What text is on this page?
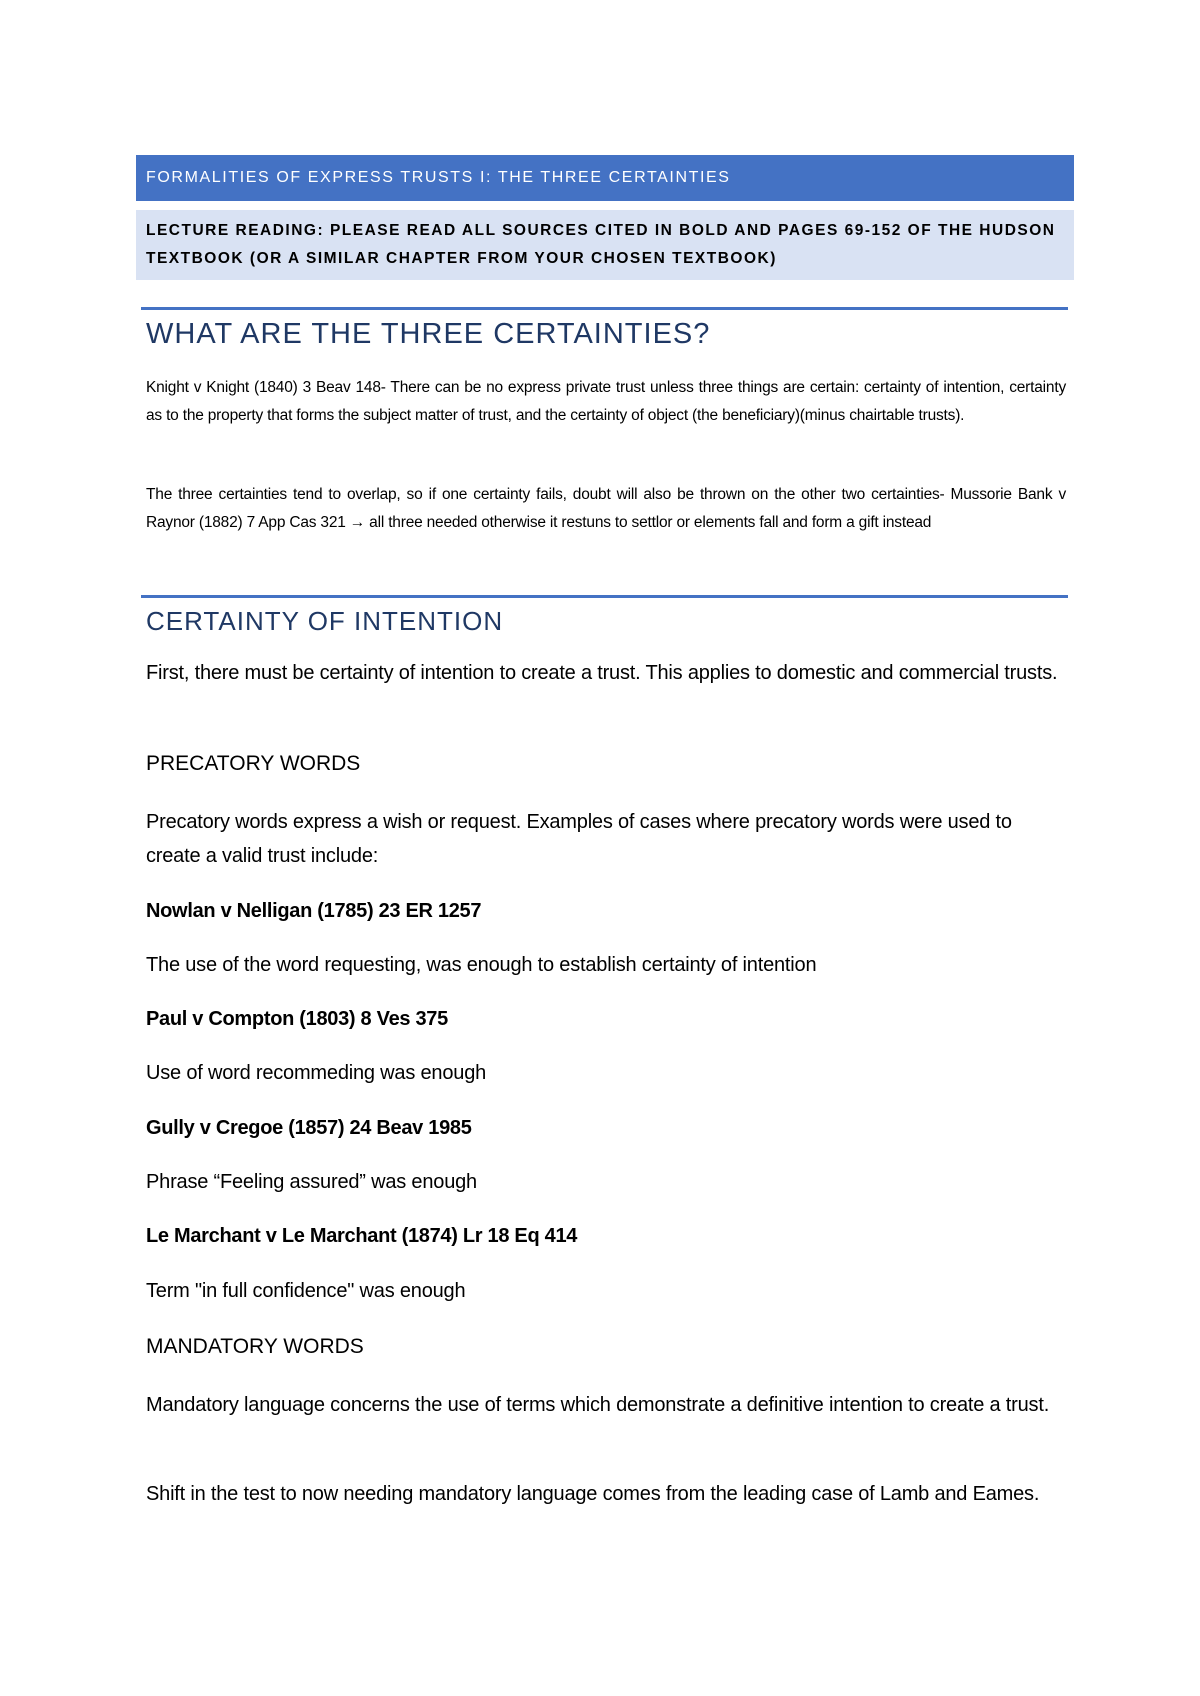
FORMALITIES OF EXPRESS TRUSTS I: THE THREE CERTAINTIES
LECTURE READING: PLEASE READ ALL SOURCES CITED IN BOLD AND PAGES 69-152 OF THE HUDSON TEXTBOOK (OR A SIMILAR CHAPTER FROM YOUR CHOSEN TEXTBOOK)
WHAT ARE THE THREE CERTAINTIES?

Knight v Knight (1840) 3 Beav 148- There can be no express private trust unless three things are certain: certainty of intention, certainty as to the property that forms the subject matter of trust, and the certainty of object (the beneficiary)(minus chairtable trusts).

The three certainties tend to overlap, so if one certainty fails, doubt will also be thrown on the other two certainties- Mussorie Bank v Raynor (1882) 7 App Cas 321 → all three needed otherwise it restuns to settlor or elements fall and form a gift instead

CERTAINTY OF INTENTION

First, there must be certainty of intention to create a trust. This applies to domestic and commercial trusts.

PRECATORY WORDS

Precatory words express a wish or request. Examples of cases where precatory words were used to create a valid trust include:

Nowlan v Nelligan (1785) 23 ER 1257
The use of the word requesting, was enough to establish certainty of intention
Paul v Compton (1803) 8 Ves 375
Use of word recommeding was enough
Gully v Cregoe (1857) 24 Beav 1985
Phrase “Feeling assured” was enough
Le Marchant v Le Marchant (1874) Lr 18 Eq 414
Term "in full confidence" was enough
MANDATORY WORDS

Mandatory language concerns the use of terms which demonstrate a definitive intention to create a trust.

Shift in the test to now needing mandatory language comes from the leading case of Lamb and Eames.
